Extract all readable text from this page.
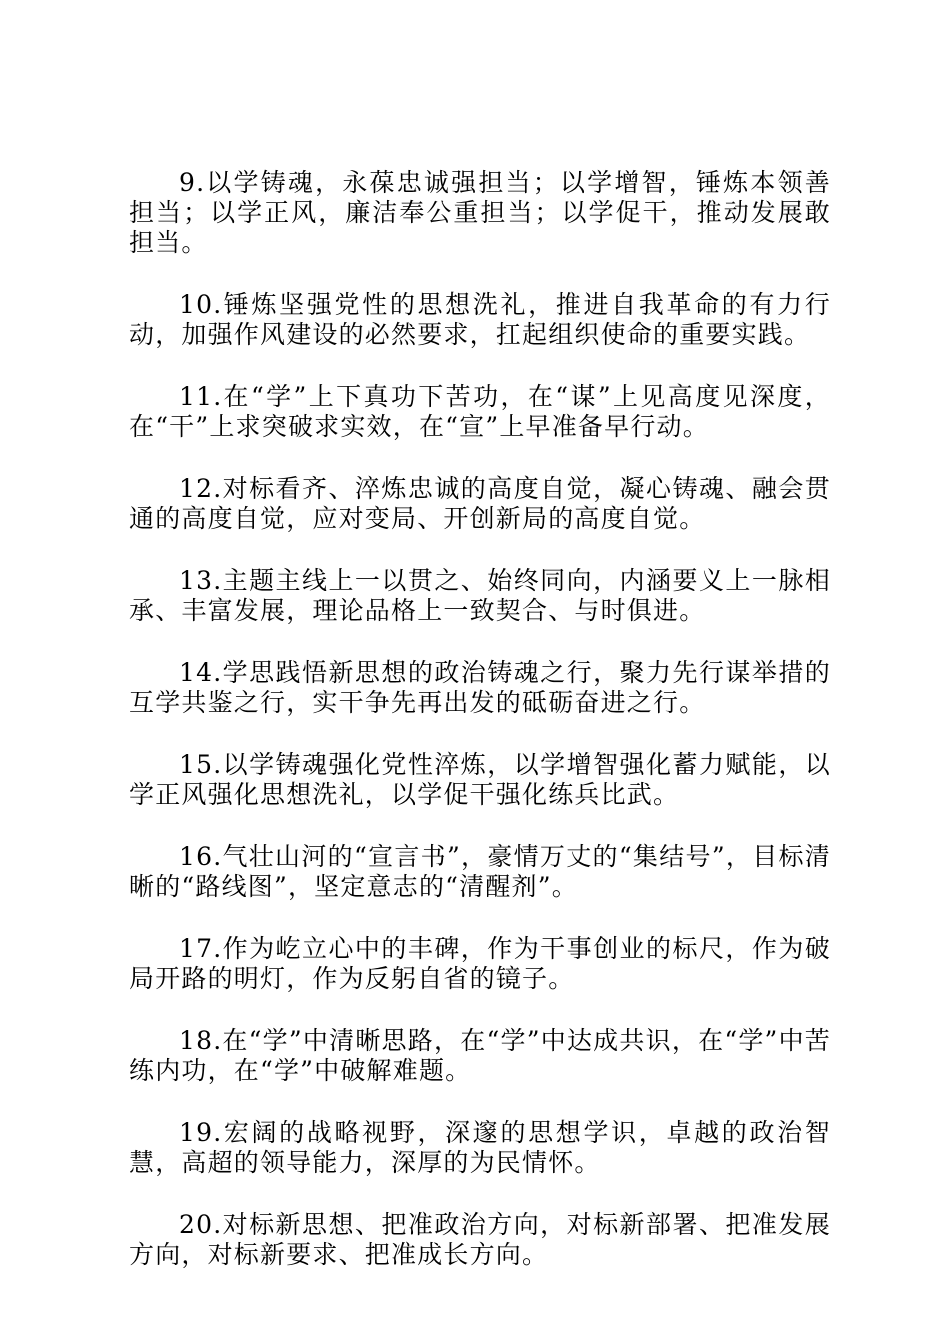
9.以学铸魂，永葆忠诚强担当；以学增智，锤炼本领善担当；以学正风，廉洁奉公重担当；以学促干，推动发展敢担当。

10.锤炼坚强党性的思想洗礼，推进自我革命的有力行动，加强作风建设的必然要求，扛起组织使命的重要实践。

11.在“学”上下真功下苦功，在“谋”上见高度见深度，在“干”上求突破求实效，在“宣”上早准备早行动。

12.对标看齐、淬炼忠诚的高度自觉，凝心铸魂、融会贯通的高度自觉，应对变局、开创新局的高度自觉。

13.主题主线上一以贯之、始终同向，内涵要义上一脉相承、丰富发展，理论品格上一致契合、与时俱进。

14.学思践悟新思想的政治铸魂之行，聚力先行谋举措的互学共鉴之行，实干争先再出发的砥砺奋进之行。

15.以学铸魂强化党性淬炼，以学增智强化蓄力赋能，以学正风强化思想洗礼，以学促干强化练兵比武。

16.气壮山河的“宣言书”，豪情万丈的“集结号”，目标清晰的“路线图”，坚定意志的“清醒剂”。

17.作为屹立心中的丰碑，作为干事创业的标尺，作为破局开路的明灯，作为反躬自省的镜子。

18.在“学”中清晰思路，在“学”中达成共识，在“学”中苦练内功，在“学”中破解难题。

19.宏阔的战略视野，深邃的思想学识，卓越的政治智慧，高超的领导能力，深厚的为民情怀。

20.对标新思想、把准政治方向，对标新部署、把准发展方向，对标新要求、把准成长方向。
